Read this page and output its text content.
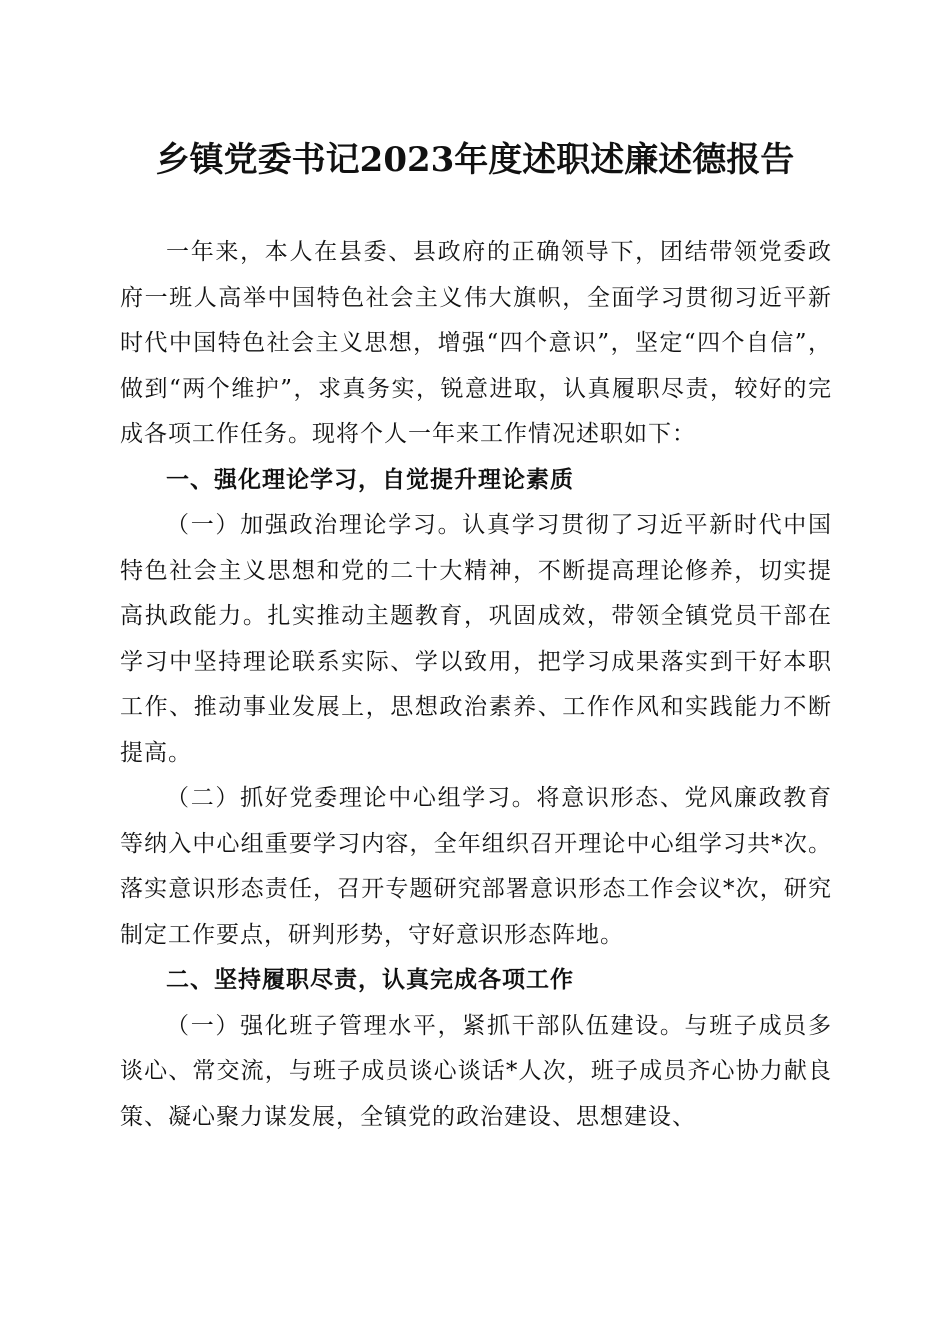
乡镇党委书记2023年度述职述廉述德报告

一年来，本人在县委、县政府的正确领导下，团结带领党委政府一班人高举中国特色社会主义伟大旗帜，全面学习贯彻习近平新时代中国特色社会主义思想，增强“四个意识”，坚定“四个自信”，做到“两个维护”，求真务实，锐意进取，认真履职尽责，较好的完成各项工作任务。现将个人一年来工作情况述职如下：

一、强化理论学习，自觉提升理论素质

（一）加强政治理论学习。认真学习贯彻了习近平新时代中国特色社会主义思想和党的二十大精神，不断提高理论修养，切实提高执政能力。扎实推动主题教育，巩固成效，带领全镇党员干部在学习中坚持理论联系实际、学以致用，把学习成果落实到干好本职工作、推动事业发展上，思想政治素养、工作作风和实践能力不断提高。

（二）抓好党委理论中心组学习。将意识形态、党风廉政教育等纳入中心组重要学习内容，全年组织召开理论中心组学习共*次。落实意识形态责任，召开专题研究部署意识形态工作会议*次，研究制定工作要点，研判形势，守好意识形态阵地。

二、坚持履职尽责，认真完成各项工作

（一）强化班子管理水平，紧抓干部队伍建设。与班子成员多谈心、常交流，与班子成员谈心谈话*人次，班子成员齐心协力献良策、凝心聚力谋发展，全镇党的政治建设、思想建设、
